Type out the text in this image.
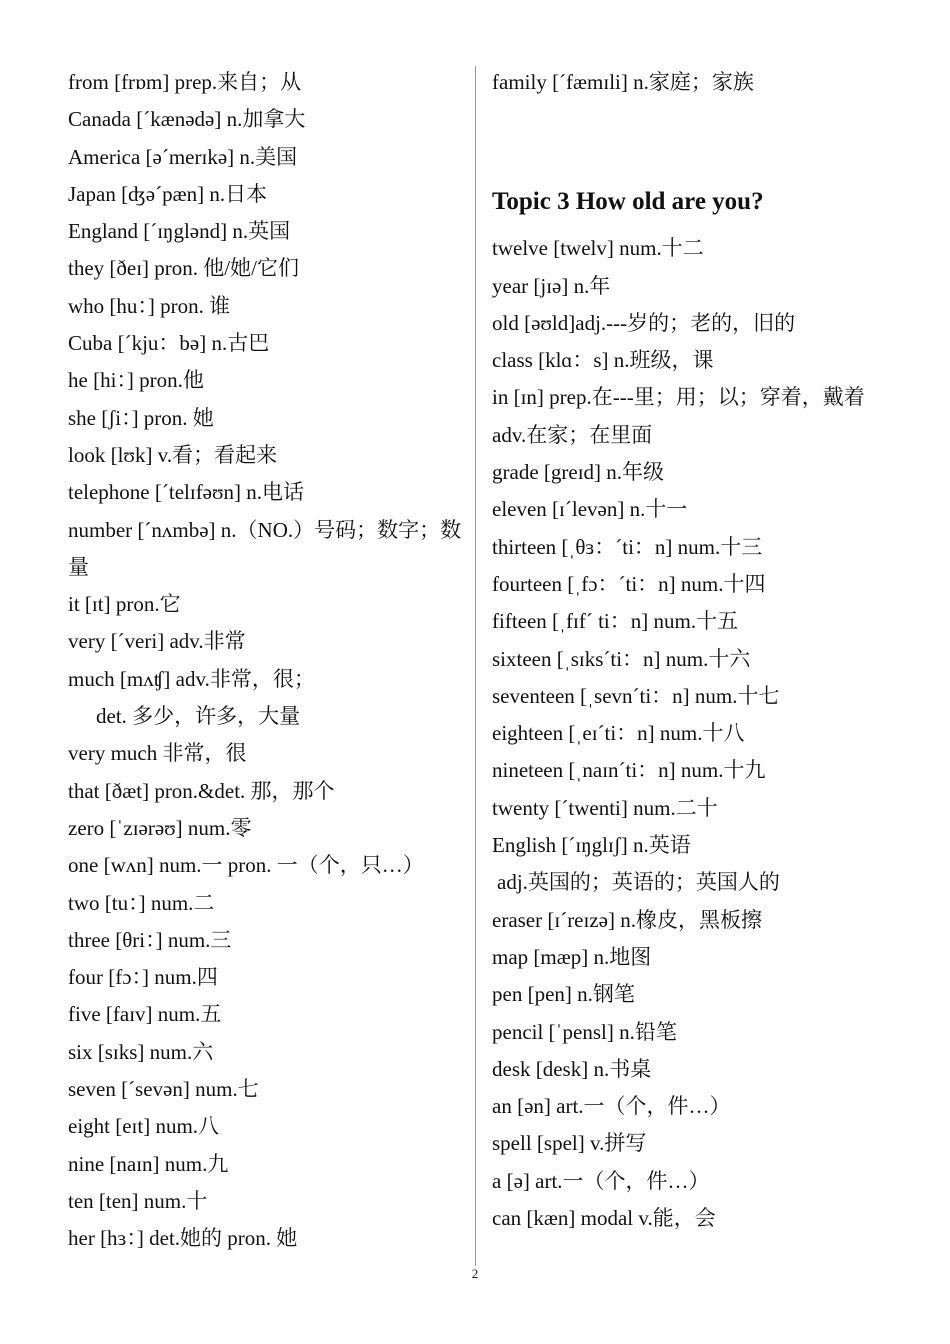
from [frɒm] prep.来自；从
Canada [ˊkænədə] n.加拿大
America [əˊmerɪkə] n.美国
Japan [ʤəˊpæn] n.日本
England [ˊɪŋglənd] n.英国
they [ðeɪ] pron. 他/她/它们
who [hu：] pron. 谁
Cuba [ˊkju：bə] n.古巴
he [hi：] pron.他
she [ʃi：] pron. 她
look [lʊk] v.看；看起来
telephone [ˊtelɪfəʊn] n.电话
number [ˊnʌmbə] n.（NO.）号码；数字；数量
it [ɪt] pron.它
very [ˊveri] adv.非常
much [mʌʧ] adv.非常，很；
det. 多少，许多，大量
very much 非常，很
that [ðæt] pron.&det. 那，那个
zero [ˈzɪərəʊ] num.零
one [wʌn] num.一 pron. 一（个，只…）
two [tu：] num.二
three [θri：] num.三
four [fɔ：] num.四
five [faɪv] num.五
six [sɪks] num.六
seven [ˊsevən] num.七
eight [eɪt] num.八
nine [naɪn] num.九
ten [ten] num.十
her [hɜ：] det.她的 pron. 她
family [ˊfæmɪli] n.家庭；家族
Topic 3 How old are you?
twelve [twelv] num.十二
year [jɪə] n.年
old [əʊld]adj.---岁的；老的，旧的
class [klɑ：s] n.班级，课
in [ɪn] prep.在---里；用；以；穿着，戴着
adv.在家；在里面
grade [greɪd] n.年级
eleven [ɪˊlevən] n.十一
thirteen [ˌθɜ：ˊti：n] num.十三
fourteen [ˌfɔ：ˊti：n] num.十四
fifteen [ˌfɪfˊ ti：n] num.十五
sixteen [ˌsɪksˊti：n] num.十六
seventeen [ˌsevnˊti：n] num.十七
eighteen [ˌeɪˊti：n] num.十八
nineteen [ˌnaɪnˊti：n] num.十九
twenty [ˊtwenti] num.二十
English [ˊɪŋglɪʃ] n.英语
adj.英国的；英语的；英国人的
eraser [ɪˊreɪzə] n.橡皮，黑板擦
map [mæp] n.地图
pen [pen] n.钢笔
pencil [ˈpensl] n.铅笔
desk [desk] n.书桌
an [ən] art.一（个，件…）
spell [spel] v.拼写
a [ə] art.一（个，件…）
can [kæn] modal v.能，会
2
